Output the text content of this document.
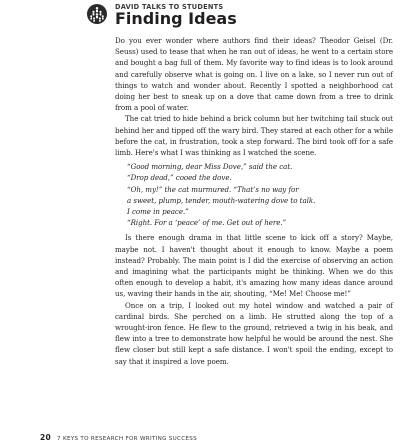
DAVID TALKS TO STUDENTS
Finding Ideas

Do you ever wonder where authors find their ideas? Theodor Geisel (Dr. Seuss) used to tease that when he ran out of ideas, he went to a certain store and bought a bag full of them. My favorite way to find ideas is to look around and carefully observe what is going on. I live on a lake, so I never run out of things to watch and wonder about. Recently I spotted a neighborhood cat doing her best to sneak up on a dove that came down from a tree to drink from a pool of water.

The cat tried to hide behind a brick column but her twitching tail stuck out behind her and tipped off the wary bird. They stared at each other for a while before the cat, in frustration, took a step forward. The bird took off for a safe limb. Here's what I was thinking as I watched the scene.

“Good morning, dear Miss Dove,” said the cat.
“Drop dead,” cooed the dove.
“Oh, my!” the cat murmured. “That’s no way for
a sweet, plump, tender, mouth-watering dove to talk.
I come in peace.”
“Right. For a ‘peace’ of me. Get out of here.”

Is there enough drama in that little scene to kick off a story? Maybe, maybe not. I haven't thought about it enough to know. Maybe a poem instead? Probably. The main point is I did the exercise of observing an action and imagining what the participants might be thinking. When we do this often enough to develop a habit, it's amazing how many ideas dance around us, waving their hands in the air, shouting, “Me! Me! Choose me!”

Once on a trip, I looked out my hotel window and watched a pair of cardinal birds. She perched on a limb. He strutted along the top of a wrought-iron fence. He flew to the ground, retrieved a twig in his beak, and flew into a tree to demonstrate how helpful he would be around the nest. She flew closer but still kept a safe distance. I won't spoil the ending, except to say that it inspired a love poem.

20 7 KEYS TO RESEARCH FOR WRITING SUCCESS
